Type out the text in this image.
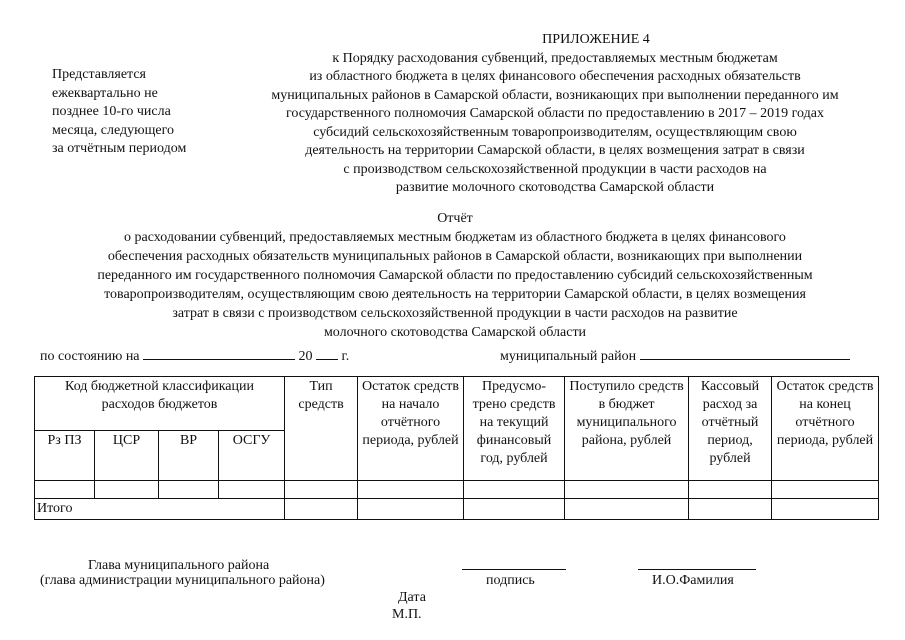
Представляется
ежеквартально не
позднее 10-го числа
месяца, следующего
за отчётным периодом
ПРИЛОЖЕНИЕ 4
к Порядку расходования субвенций, предоставляемых местным бюджетам
из областного бюджета в целях финансового обеспечения расходных обязательств
муниципальных районов в Самарской области, возникающих при выполнении переданного им
государственного полномочия Самарской области по предоставлению в 2017 – 2019 годах
субсидий сельскохозяйственным товаропроизводителям, осуществляющим свою
деятельность на территории Самарской области, в целях возмещения затрат в связи
с производством сельскохозяйственной продукции в части расходов на
развитие молочного скотоводства Самарской области
Отчёт
о расходовании субвенций, предоставляемых местным бюджетам из областного бюджета в целях финансового
обеспечения расходных обязательств муниципальных районов в Самарской области, возникающих при выполнении
переданного им государственного полномочия Самарской области по предоставлению субсидий сельскохозяйственным
товаропроизводителям, осуществляющим свою деятельность на территории Самарской области, в целях возмещения
затрат в связи с производством сельскохозяйственной продукции в части расходов на развитие
молочного скотоводства Самарской области
по состоянию на	20 г.	муниципальный район
Код бюджетной классификации расходов бюджетов				Тип средств	Остаток средств на начало отчётного периода, рублей	Предусмо-трено средств на текущий финансовый год, рублей	Поступило средств в бюджет муниципального района, рублей	Кассовый расход за отчётный период, рублей	Остаток средств на конец отчётного периода, рублей
Рз ПЗ	ЦСР	ВР	ОСГУ						

Итого									
Глава муниципального района
(глава администрации муниципального района)	подпись	И.О.Фамилия
Дата
М.П.
